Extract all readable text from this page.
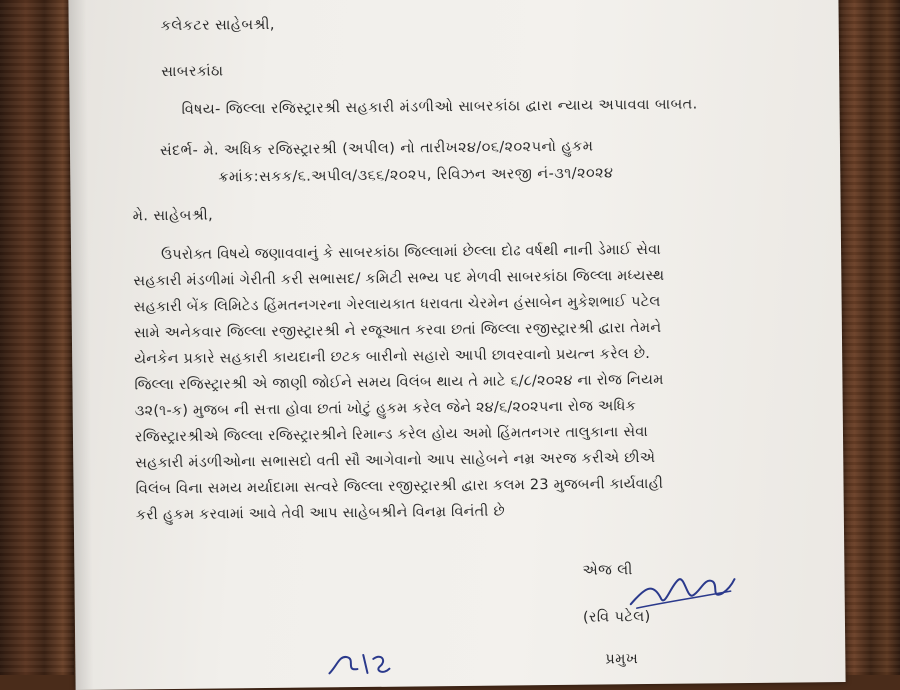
કલેકટર સાહેબશ્રી,
સાબરકાંઠા
વિષય- જિલ્લા રજિસ્ટ્રારશ્રી સહકારી મંડળીઓ સાબરકાંઠા દ્વારા ન્યાય અપાવવા બાબત.
સંદર્ભ- મે. અધિક રજિસ્ટ્રારશ્રી (અપીલ) નો તારીખ૨૪/૦૬/૨૦૨૫નો હુકમ
ક્રમાંક:સકક/૬.અપીલ/૩૬૬/૨૦૨૫, રિવિઝન અરજી નં-૩૧/૨૦૨૪
મે. સાહેબશ્રી,
ઉપરોક્ત વિષયે જણાવવાનું કે સાબરકાંઠા જિલ્લામાં છેલ્લા દોઢ વર્ષથી નાની ડેમાઈ સેવા
સહકારી મંડળીમાં ગેરીતી કરી સભાસદ/ કમિટી સભ્ય પદ મેળવી સાબરકાંઠા જિલ્લા મધ્યસ્થ
સહકારી બેંક લિમિટેડ હિંમતનગરના ગેરલાયકાત ધરાવતા ચેરમેન હંસાબેન મુકેશભાઈ પટેલ
સામે અનેકવાર જિલ્લા રજીસ્ટ્રારશ્રી ને રજૂઆત કરવા છતાં જિલ્લા રજીસ્ટ્રારશ્રી દ્વારા તેમને
યેનકેન પ્રકારે સહકારી કાયદાની છટક બારીનો સહારો આપી છાવરવાનો પ્રયત્ન કરેલ છે.
જિલ્લા રજિસ્ટ્રારશ્રી એ જાણી જોઈને સમય વિલંબ થાય તે માટે ૬/૮/૨૦૨૪ ના રોજ નિયમ
૩૨(૧-ક) મુજબ ની સત્તા હોવા છતાં ખોટું હુકમ કરેલ જેને ૨૪/૬/૨૦૨૫ના રોજ અધિક
રજિસ્ટ્રારશ્રીએ જિલ્લા રજિસ્ટ્રારશ્રીને રિમાન્ડ કરેલ હોય અમો હિંમતનગર તાલુકાના સેવા
સહકારી મંડળીઓના સભાસદો વતી સૌ આગેવાનો આપ સાહેબને નમ્ર અરજ કરીએ છીએ
વિલંબ વિના સમય મર્યાદામા સત્વરે જિલ્લા રજીસ્ટ્રારશ્રી દ્વારા કલમ 23 મુજબની કાર્યવાહી
કરી હુકમ કરવામાં આવે તેવી આપ સાહેબશ્રીને વિનમ્ર વિનંતી છે
એજ લી
(રવિ પટેલ)
પ્રમુખ
